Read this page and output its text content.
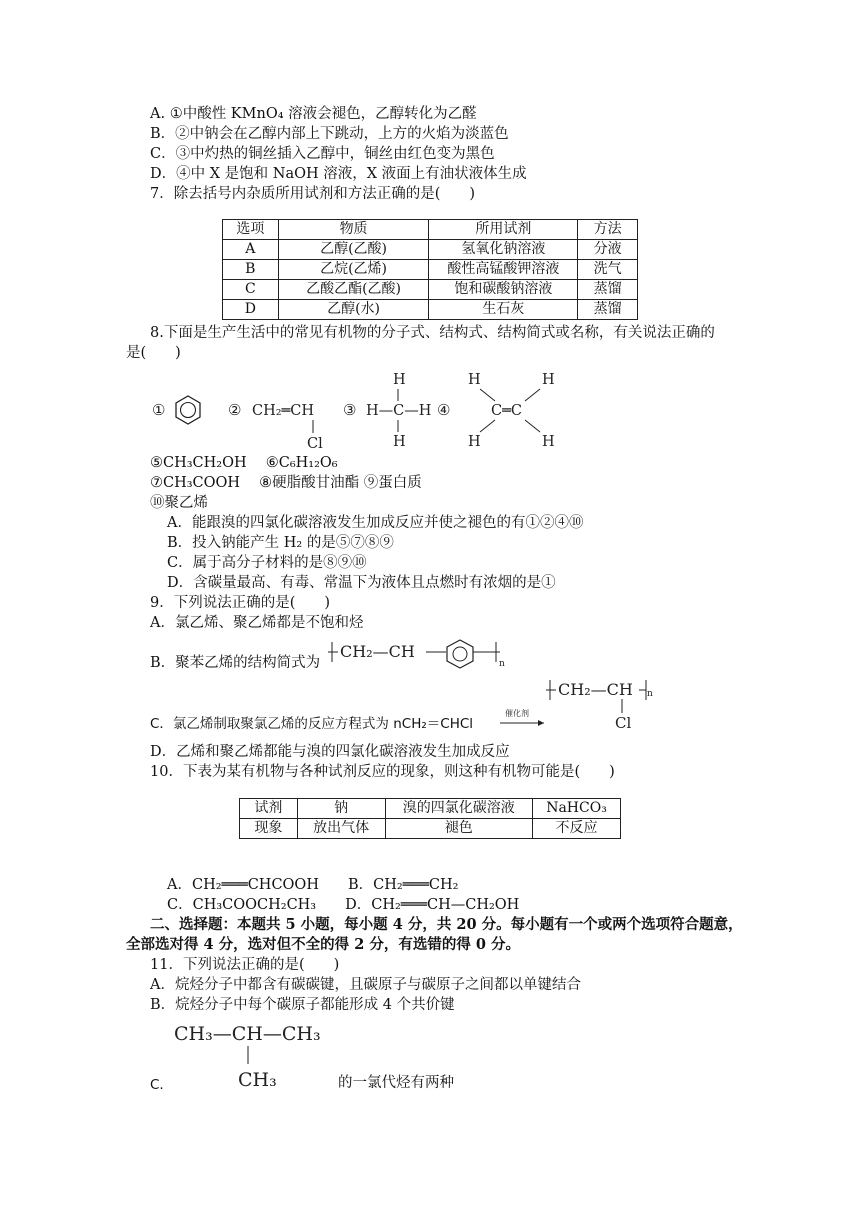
A. ①中酸性 KMnO₄ 溶液会褪色，乙醇转化为乙醛
B．②中钠会在乙醇内部上下跳动，上方的火焰为淡蓝色
C．③中灼热的铜丝插入乙醇中，铜丝由红色变为黑色
D．④中 X 是饱和 NaOH 溶液，X 液面上有油状液体生成
7．除去括号内杂质所用试剂和方法正确的是(　　)
选项	物质	所用试剂	方法
A	乙醇(乙酸)	氢氧化钠溶液	分液
B	乙烷(乙烯)	酸性高锰酸钾溶液	洗气
C	乙酸乙酯(乙酸)	饱和碳酸钠溶液	蒸馏
D	乙醇(水)	生石灰	蒸馏
8.下面是生产生活中的常见有机物的分子式、结构式、结构简式或名称，有关说法正确的
是(　　)
①	② CH₂═CH
Cl
③
H
H—C—H
H
④
H	H
C═C
H	H
⑤CH₃CH₂OH　 ⑥C₆H₁₂O₆
⑦CH₃COOH　 ⑧硬脂酸甘油酯 ⑨蛋白质
⑩聚乙烯
A．能跟溴的四氯化碳溶液发生加成反应并使之褪色的有①②④⑩
B．投入钠能产生 H₂ 的是⑤⑦⑧⑨
C．属于高分子材料的是⑧⑨⑩
D．含碳量最高、有毒、常温下为液体且点燃时有浓烟的是①
9．下列说法正确的是(　　)
A．氯乙烯、聚乙烯都是不饱和烃
B．聚苯乙烯的结构简式为
CH₂—CH
n
CH₂—CH n
Cl
C．氯乙烯制取聚氯乙烯的反应方程式为 nCH₂＝CHCl
催化剂
D．乙烯和聚乙烯都能与溴的四氯化碳溶液发生加成反应
10．下表为某有机物与各种试剂反应的现象，则这种有机物可能是(　　)
试剂	钠	溴的四氯化碳溶液	NaHCO₃
现象	放出气体	褪色	不反应
A．CH₂═══CHCOOH　　B．CH₂═══CH₂
C．CH₃COOCH₂CH₃　　D．CH₂═══CH—CH₂OH
二、选择题：本题共 5 小题，每小题 4 分，共 20 分。每小题有一个或两个选项符合题意，
全部选对得 4 分，选对但不全的得 2 分，有选错的得 0 分。
11．下列说法正确的是(　　)
A．烷烃分子中都含有碳碳键，且碳原子与碳原子之间都以单键结合
B．烷烃分子中每个碳原子都能形成 4 个共价键
CH₃—CH—CH₃
CH₃
C.	的一氯代烃有两种
